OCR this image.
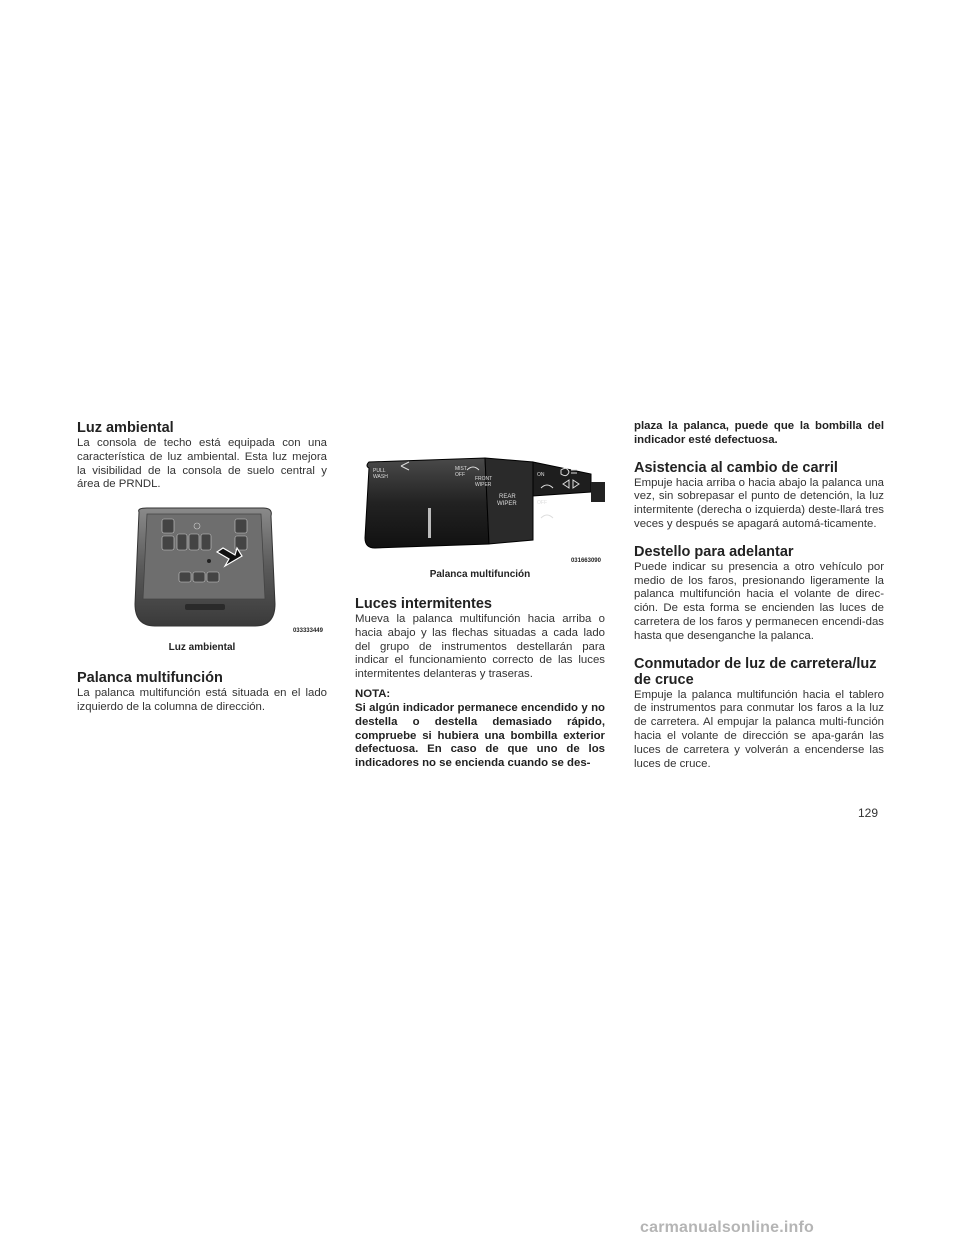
Luz ambiental

La consola de techo está equipada con una característica de luz ambiental. Esta luz mejora la visibilidad de la consola de suelo central y área de PRNDL.

033333449
Luz ambiental
Palanca multifunción

La palanca multifunción está situada en el lado izquierdo de la columna de dirección.

PULL
WASH
MIST
OFF
FRONT
WIPER
REAR
WIPER
ON
OFF
031663090
Palanca multifunción
Luces intermitentes

Mueva la palanca multifunción hacia arriba o hacia abajo y las flechas situadas a cada lado del grupo de instrumentos destellarán para indicar el funcionamiento correcto de las luces intermitentes delanteras y traseras.

NOTA:

Si algún indicador permanece encendido y no destella o destella demasiado rápido, compruebe si hubiera una bombilla exterior defectuosa. En caso de que uno de los indicadores no se encienda cuando se des-

plaza la palanca, puede que la bombilla del indicador esté defectuosa.

Asistencia al cambio de carril

Empuje hacia arriba o hacia abajo la palanca una vez, sin sobrepasar el punto de detención, la luz intermitente (derecha o izquierda) deste-llará tres veces y después se apagará automá-ticamente.

Destello para adelantar

Puede indicar su presencia a otro vehículo por medio de los faros, presionando ligeramente la palanca multifunción hacia el volante de direc-ción. De esta forma se encienden las luces de carretera de los faros y permanecen encendi-das hasta que desenganche la palanca.

Conmutador de luz de carretera/luz
de cruce

Empuje la palanca multifunción hacia el tablero de instrumentos para conmutar los faros a la luz de carretera. Al empujar la palanca multi-función hacia el volante de dirección se apa-garán las luces de carretera y volverán a encenderse las luces de cruce.

129
carmanualsonline.info
